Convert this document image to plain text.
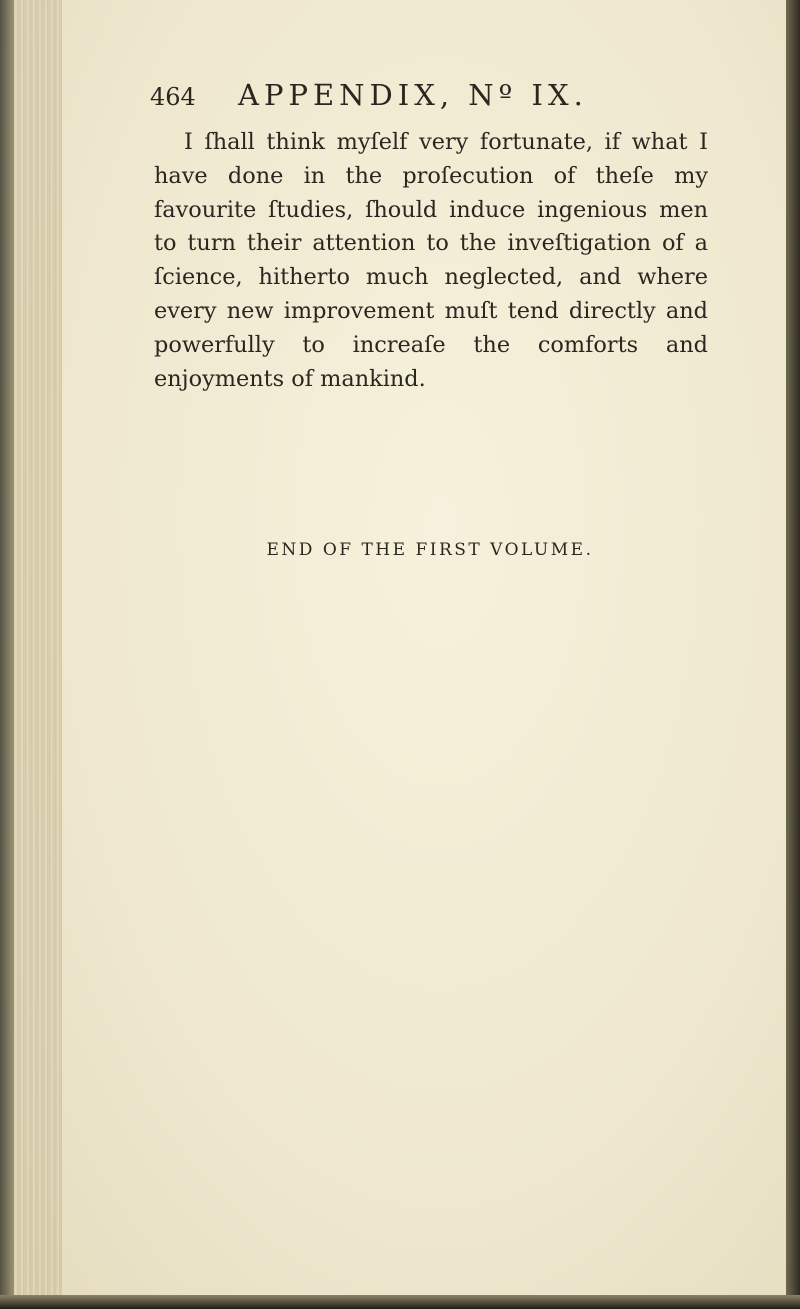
464 APPENDIX, Nº IX.

I ſhall think myſelf very fortunate, if what I have done in the proſecution of theſe my favourite ſtudies, ſhould induce ingenious men to turn their attention to the inveſtigation of a ſcience, hitherto much neglected, and where every new improvement muſt tend directly and powerfully to increaſe the comforts and enjoyments of mankind.

END OF THE FIRST VOLUME.
